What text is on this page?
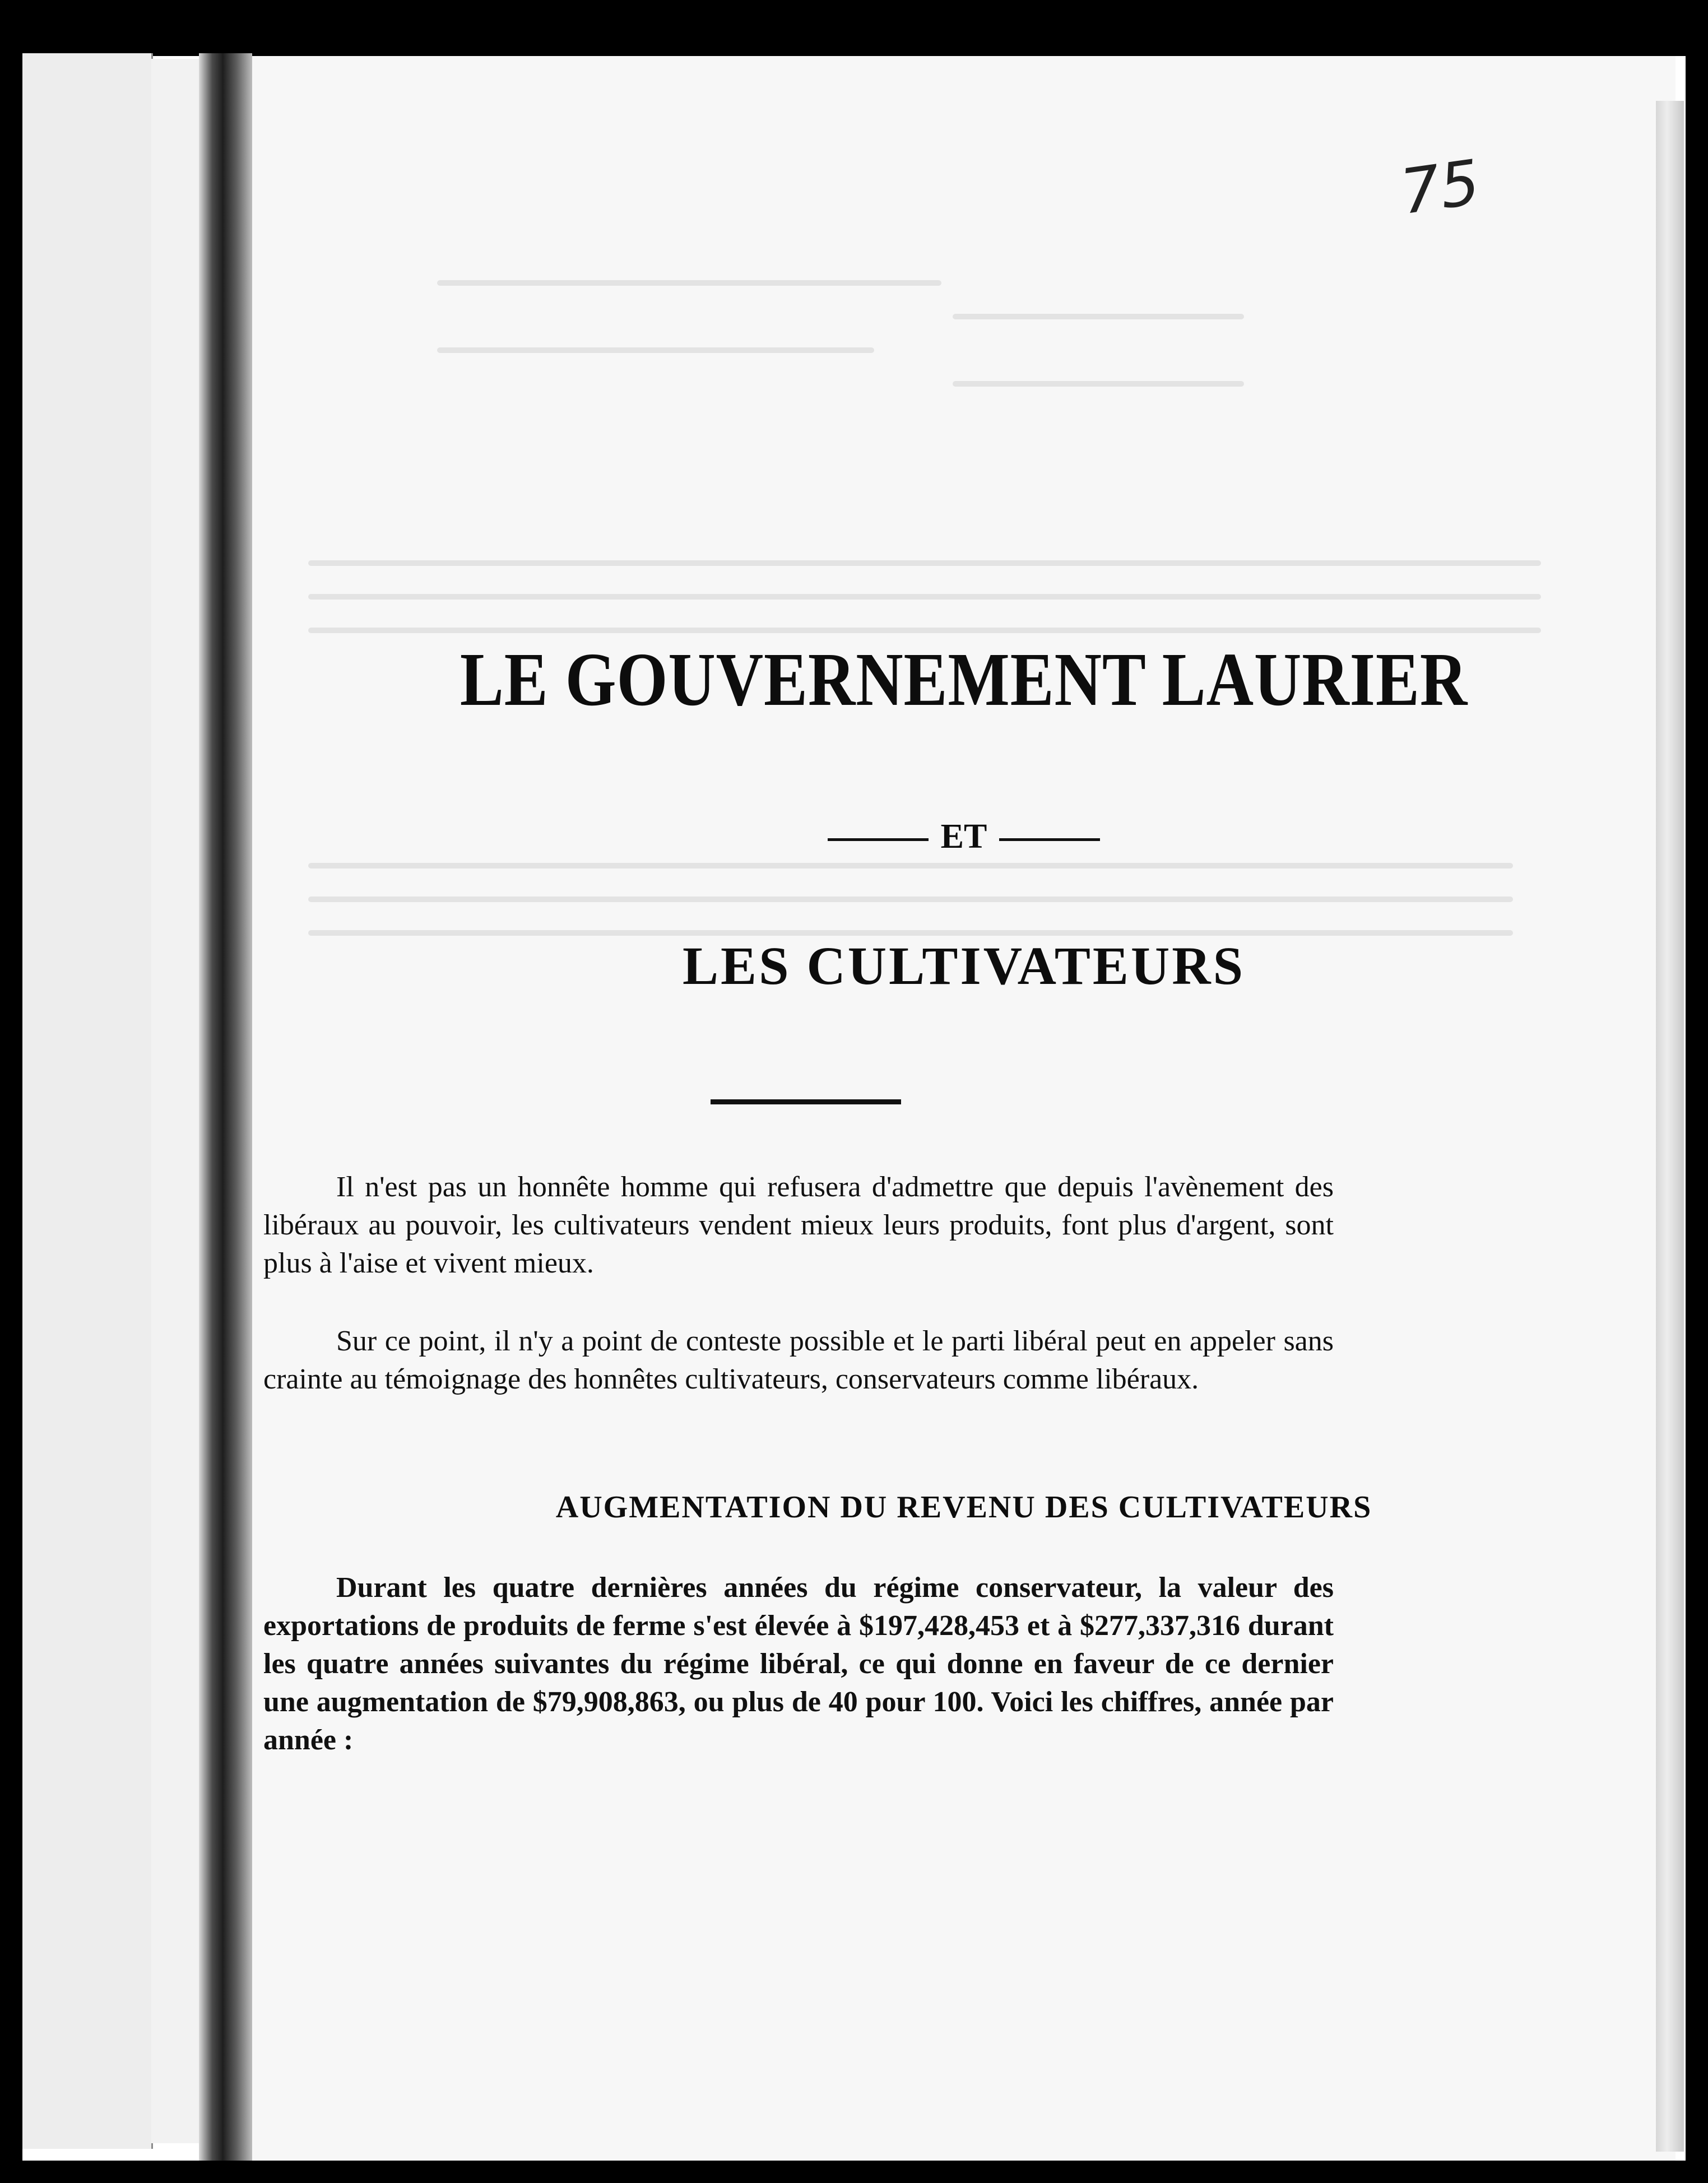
75
LE GOUVERNEMENT LAURIER
ET
LES CULTIVATEURS

Il n'est pas un honnête homme qui refusera d'admettre que depuis l'avènement des libéraux au pouvoir, les cultivateurs vendent mieux leurs produits, font plus d'argent, sont plus à l'aise et vivent mieux.

Sur ce point, il n'y a point de conteste possible et le parti libéral peut en appeler sans crainte au témoignage des honnêtes cultivateurs, conservateurs comme libéraux.

AUGMENTATION DU REVENU DES CULTIVATEURS

Durant les quatre dernières années du régime conservateur, la valeur des exportations de produits de ferme s'est élevée à $197,428,453 et à $277,337,316 durant les quatre années suivantes du régime libéral, ce qui donne en faveur de ce dernier une augmentation de $79,908,863, ou plus de 40 pour 100. Voici les chiffres, année par année :
